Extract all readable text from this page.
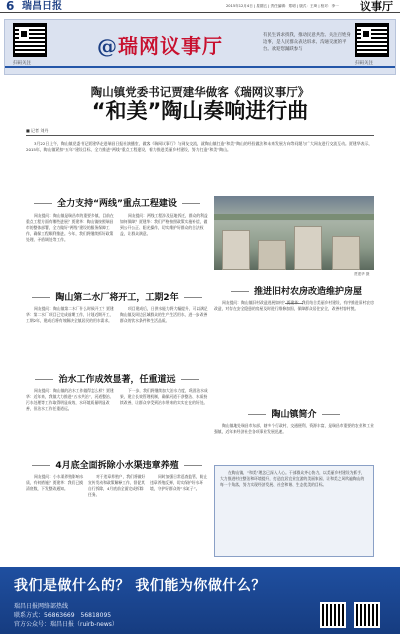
6 瑞昌日报	2015年12月4日 | 星期五 | 责任编辑：郑明 | 版式：王琦 | 校对：李一 议事厅
扫码关注
@瑞网议事厅	有民生诉求找我，推动民意共治。关注百姓身边事，是人民群众表达诉求、沟通交流的平台。欢迎您踊跃参与
扫码关注
陶山镇党委书记贾建华做客《瑞网议事厅》
“和美”陶山奏响进行曲
■ 记者 刘丹
3月22日上午，陶山镇党委书记贾建华走进瑞昌日报社演播室，做客《瑞网议事厅》与网友交流，就陶山镇打造“和美”陶山的经验做法和未来发展方向等问题与广大网友进行交流互动。贾建华表示，2015年，陶山镇紧扣“五年”建设目标，全力推进“两线”重点工程建设，着力推进美丽乡村建设，努力打造“和美”陶山。
全力支持“两线”重点工程建设
网友提问：陶山镇是瑞昌市的重要乡镇，目前在重点工程方面有哪些进展？贾建华：陶山镇按照瑞昌市的整体部署，全力做好“两线”建设的服务保障工作，确保工程顺利推进。今年，我们将继续抓好政策处理、矛盾调处等工作。
网友提问：两线工程涉及征地拆迁，群众的利益如何保障？贾建华：我们严格按照政策实施补偿，做到公开公正、阳光操作，切实维护好群众的合法权益，让群众满意。
陶山第二水厂将开工，工期2年
网友提问：陶山镇第二水厂什么时候开工？贾建华：第二水厂项目已完成前期工作，计划近期开工，工期2年，建成后将有效解决全镇居民的用水需求。
项目建成后，日供水能力将大幅提升，可以满足陶山镇及周边区域群众的生产生活用水，进一步改善群众的饮水条件和生活品质。
治水工作成效显著，任重道远
网友提问：陶山镇的治水工作做得怎么样？贾建华：近年来，我镇大力推进“五水共治”，河道整治、污水处理等工作取得明显成效，水环境质量明显改善，但治水工作任重道远。
下一步，我们将继续加大治水力度，巩固治水成果，建立长效管理机制，确保河道干净整洁、水质持续改善，让群众享受到治水带来的实实在在的好处。
4月底全面拆除小水渠违章养殖
网友提问：小水渠养殖影响水质，有何措施？贾建华：我们已摸清底数，下发整改通知。
对于违章养殖户，我们将做好宣传发动和政策解释工作，督促其自行拆除，4月底前全面完成拆除任务。
同时加强日常巡查监管，防止违章养殖反弹，切实保护好水环境，守护好群众的“水缸子”。
贾建华 摄
推进旧村农房改造维护房屋
网友提问：陶山镇旧村改造进展如何？贾建华：我们结合美丽乡村建设，有序推进旧村农房改造，对存在安全隐患的房屋及时进行维修加固，保障群众居住安全，改善村容村貌。
陶山镇简介
陶山镇地处瑞昌市东部，辖多个行政村，交通便利，资源丰富，是瑞昌市重要的农业和工业强镇，近年来经济社会各项事业发展迅速。
在陶山镇，“和美”理念已深入人心。干部群众齐心协力，以美丽乡村建设为抓手，大力推进村庄整治和环境提升，打造宜居宜业宜游的美丽家园，让和美之风吹遍陶山的每一个角落，努力实现经济发展、社会和谐、生态优美的目标。
我们是做什么的？ 我们能为你做什么？
瑞昌日报网络部热线
联系方式：56863669　56818095
官方公众号：瑞昌日报（ruirb-news）
